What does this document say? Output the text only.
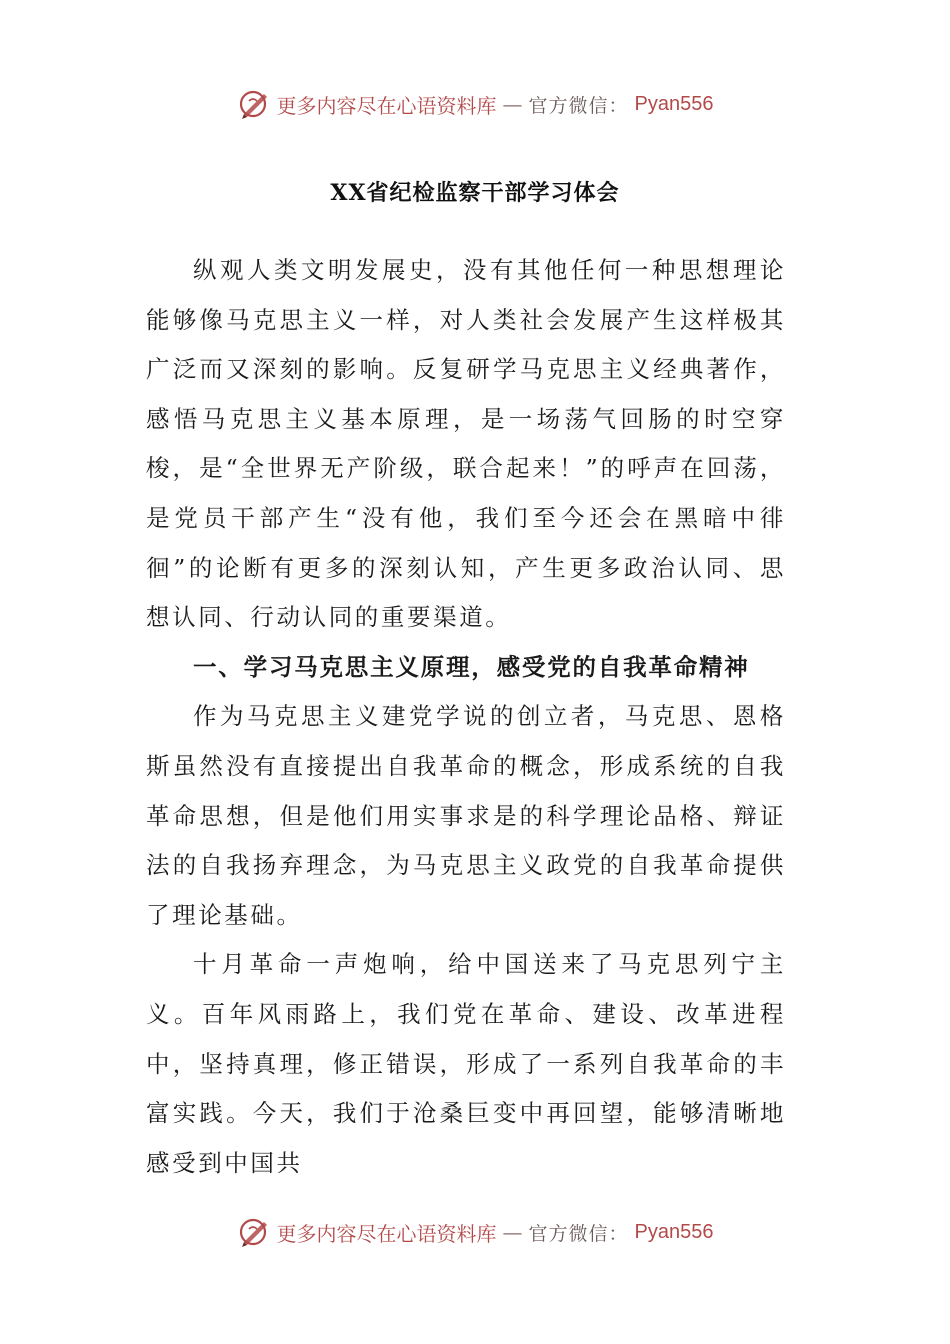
更多内容尽在心语资料库 — 官方微信： Pyan556
XX省纪检监察干部学习体会

纵观人类文明发展史，没有其他任何一种思想理论能够像马克思主义一样，对人类社会发展产生这样极其广泛而又深刻的影响。反复研学马克思主义经典著作，感悟马克思主义基本原理，是一场荡气回肠的时空穿梭，是“全世界无产阶级，联合起来！”的呼声在回荡，是党员干部产生“没有他，我们至今还会在黑暗中徘徊”的论断有更多的深刻认知，产生更多政治认同、思想认同、行动认同的重要渠道。

一、学习马克思主义原理，感受党的自我革命精神

作为马克思主义建党学说的创立者，马克思、恩格斯虽然没有直接提出自我革命的概念，形成系统的自我革命思想，但是他们用实事求是的科学理论品格、辩证法的自我扬弃理念，为马克思主义政党的自我革命提供了理论基础。

十月革命一声炮响，给中国送来了马克思列宁主义。百年风雨路上，我们党在革命、建设、改革进程中，坚持真理，修正错误，形成了一系列自我革命的丰富实践。今天，我们于沧桑巨变中再回望，能够清晰地感受到中国共

更多内容尽在心语资料库 — 官方微信： Pyan556
